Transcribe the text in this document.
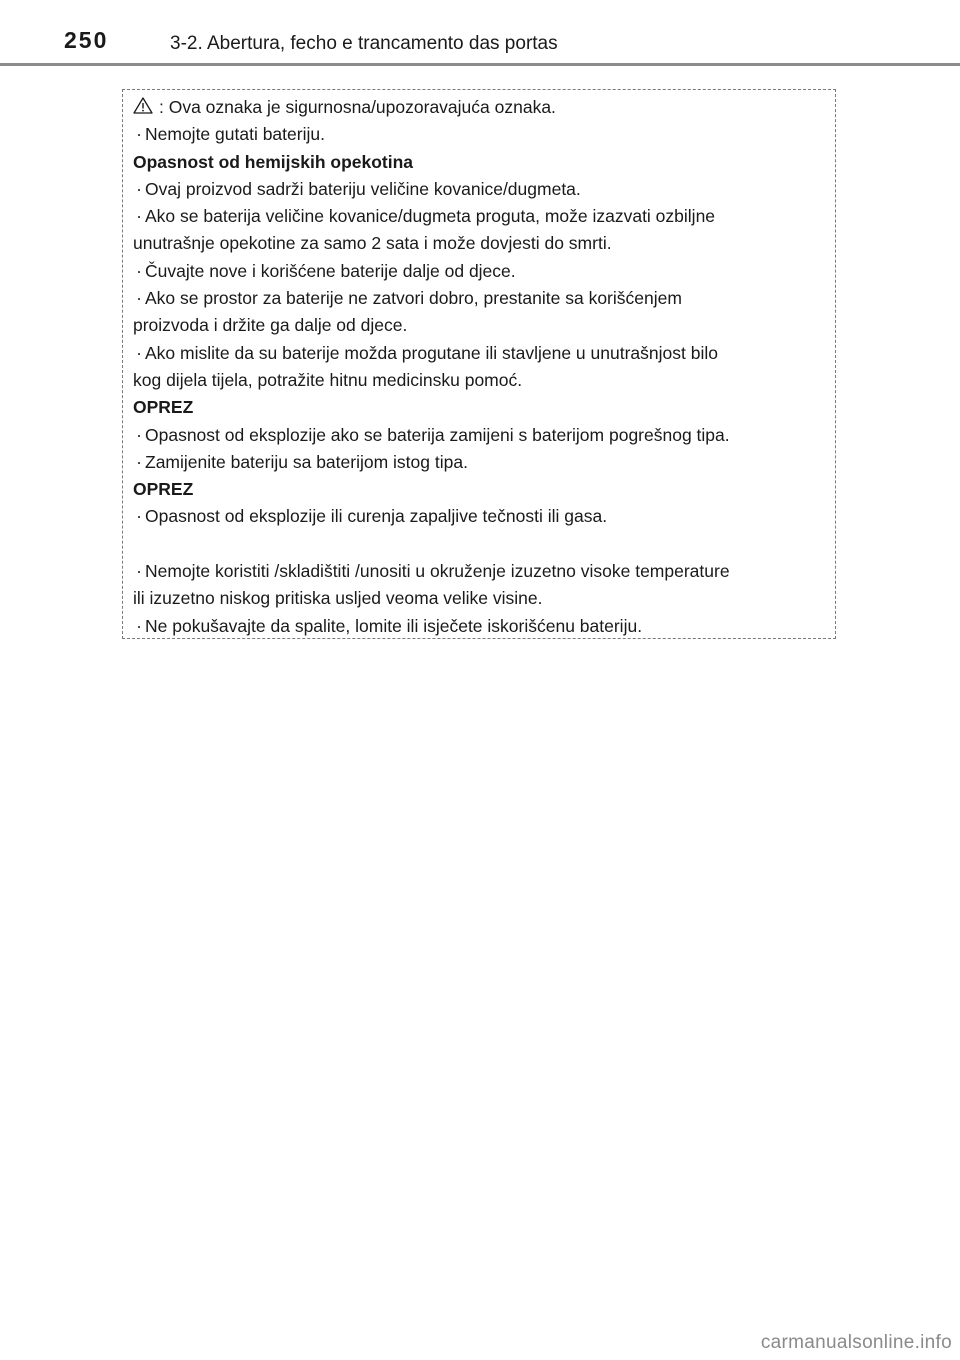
250	3-2. Abertura, fecho e trancamento das portas
: Ova oznaka je sigurnosna/upozoravajuća oznaka.
· Nemojte gutati bateriju.
Opasnost od hemijskih opekotina
· Ovaj proizvod sadrži bateriju veličine kovanice/dugmeta.
· Ako se baterija veličine kovanice/dugmeta proguta, može izazvati ozbiljne
unutrašnje opekotine za samo 2 sata i može dovjesti do smrti.
· Čuvajte nove i korišćene baterije dalje od djece.
· Ako se prostor za baterije ne zatvori dobro, prestanite sa korišćenjem
proizvoda i držite ga dalje od djece.
· Ako mislite da su baterije možda progutane ili stavljene u unutrašnjost bilo
kog dijela tijela, potražite hitnu medicinsku pomoć.
OPREZ
· Opasnost od eksplozije ako se baterija zamijeni s baterijom pogrešnog tipa.
· Zamijenite bateriju sa baterijom istog tipa.
OPREZ
· Opasnost od eksplozije ili curenja zapaljive tečnosti ili gasa.
· Nemojte koristiti /skladištiti /unositi u okruženje izuzetno visoke temperature
ili izuzetno niskog pritiska usljed veoma velike visine.
· Ne pokušavajte da spalite, lomite ili isječete iskorišćenu bateriju.
carmanualsonline.info
